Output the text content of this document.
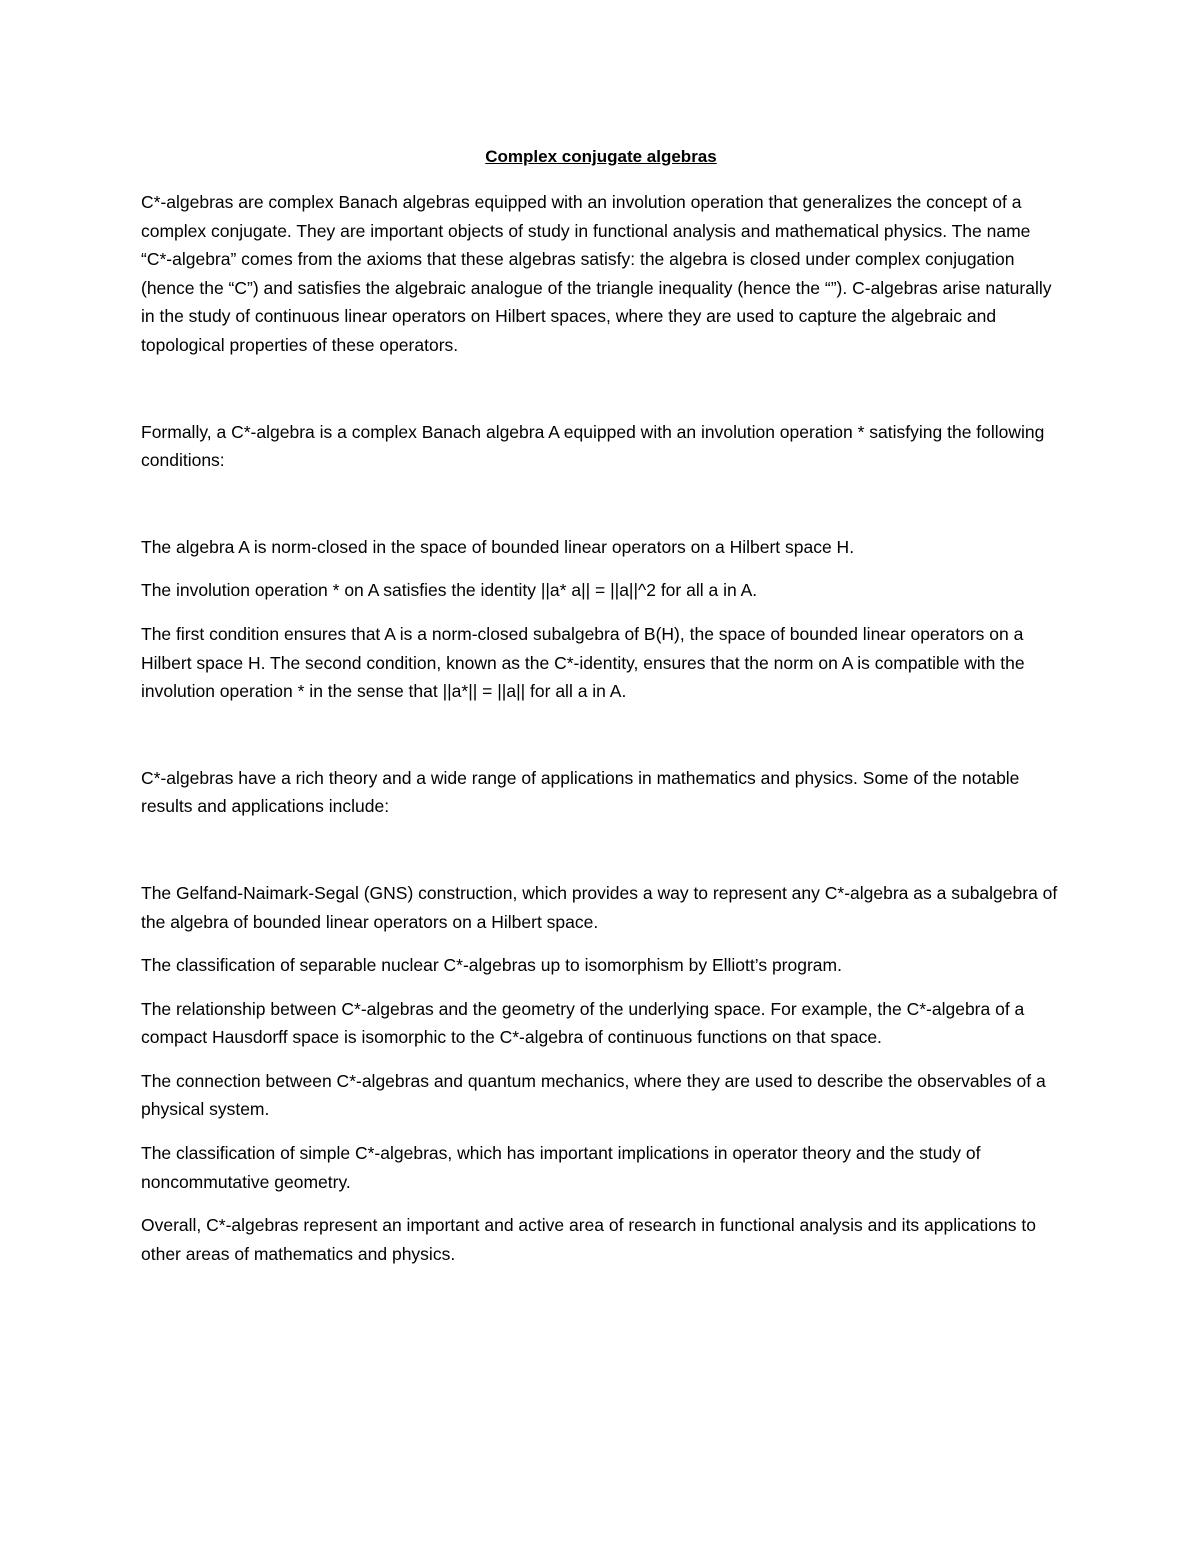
Complex conjugate algebras

C*-algebras are complex Banach algebras equipped with an involution operation that generalizes the concept of a complex conjugate. They are important objects of study in functional analysis and mathematical physics. The name “C*-algebra” comes from the axioms that these algebras satisfy: the algebra is closed under complex conjugation (hence the “C”) and satisfies the algebraic analogue of the triangle inequality (hence the “”). C-algebras arise naturally in the study of continuous linear operators on Hilbert spaces, where they are used to capture the algebraic and topological properties of these operators.

Formally, a C*-algebra is a complex Banach algebra A equipped with an involution operation * satisfying the following conditions:

The algebra A is norm-closed in the space of bounded linear operators on a Hilbert space H.

The involution operation * on A satisfies the identity ||a* a|| = ||a||^2 for all a in A.

The first condition ensures that A is a norm-closed subalgebra of B(H), the space of bounded linear operators on a Hilbert space H. The second condition, known as the C*-identity, ensures that the norm on A is compatible with the involution operation * in the sense that ||a*|| = ||a|| for all a in A.

C*-algebras have a rich theory and a wide range of applications in mathematics and physics. Some of the notable results and applications include:

The Gelfand-Naimark-Segal (GNS) construction, which provides a way to represent any C*-algebra as a subalgebra of the algebra of bounded linear operators on a Hilbert space.

The classification of separable nuclear C*-algebras up to isomorphism by Elliott’s program.

The relationship between C*-algebras and the geometry of the underlying space. For example, the C*-algebra of a compact Hausdorff space is isomorphic to the C*-algebra of continuous functions on that space.

The connection between C*-algebras and quantum mechanics, where they are used to describe the observables of a physical system.

The classification of simple C*-algebras, which has important implications in operator theory and the study of noncommutative geometry.

Overall, C*-algebras represent an important and active area of research in functional analysis and its applications to other areas of mathematics and physics.
